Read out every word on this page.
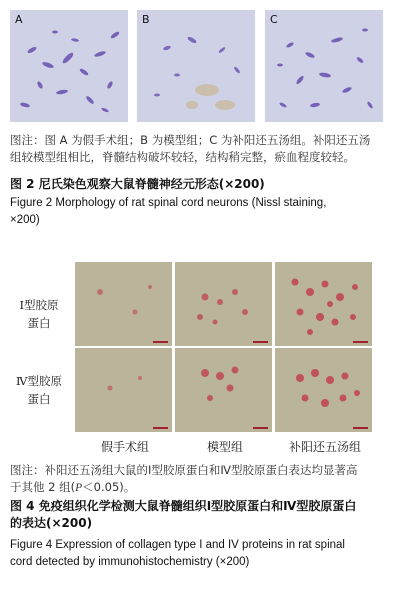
A	B	C
图注：图 A 为假手术组；B 为模型组；C 为补阳还五汤组。补阳还五汤
组较模型组相比，脊髓结构破坏较轻，结构稍完整，瘀血程度较轻。
图 2 尼氏染色观察大鼠脊髓神经元形态(×200)
Figure 2 Morphology of rat spinal cord neurons (Nissl staining,
×200)
Ⅰ型胶原
蛋白
Ⅳ型胶原
蛋白
假手术组	模型组	补阳还五汤组
图注：补阳还五汤组大鼠的Ⅰ型胶原蛋白和Ⅳ型胶原蛋白表达均显著高
于其他 2 组(P＜0.05)。
图 4 免疫组织化学检测大鼠脊髓组织Ⅰ型胶原蛋白和Ⅳ型胶原蛋白
的表达(×200)
Figure 4 Expression of collagen type I and IV proteins in rat spinal
cord detected by immunohistochemistry (×200)
